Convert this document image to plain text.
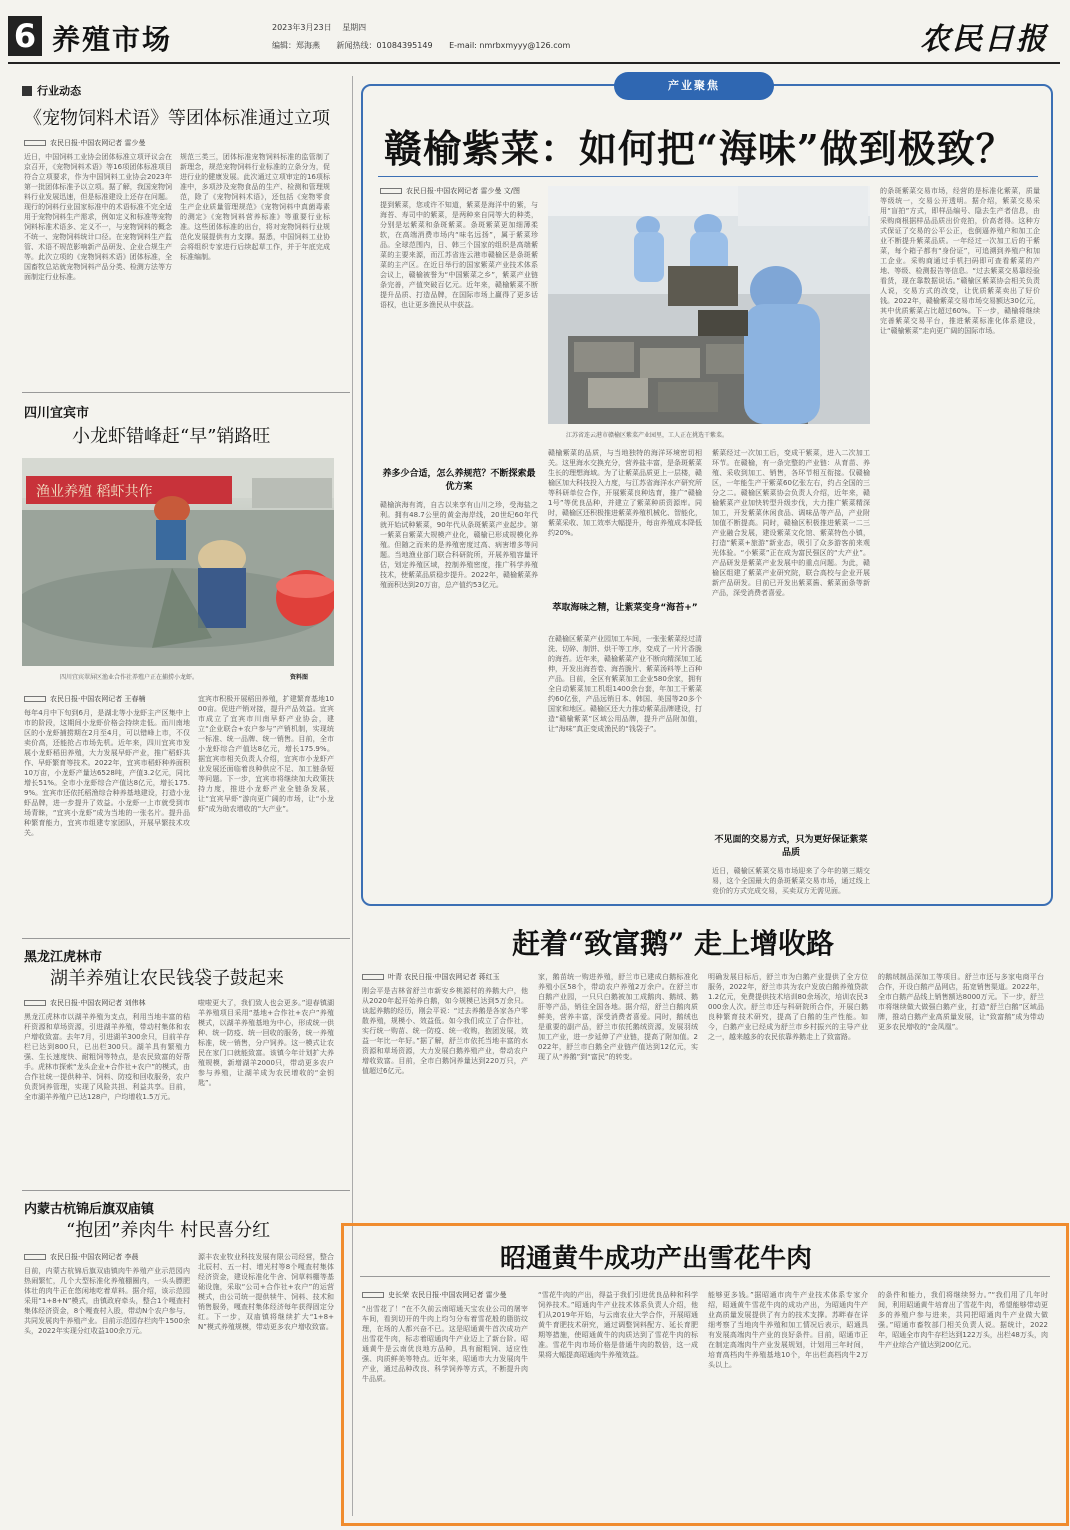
6 养殖市场	2023年3月23日 星期四
编辑：郑海燕 新闻热线：01084395149 E-mail: nmrbxmyyy@126.com	农民日报
行业动态
《宠物饲料术语》等团体标准通过立项
农民日报·中国农网记者 雷少曼
近日，中国饲料工业协会团体标准立项评议会在京召开，《宠物饲料术语》等16项团体标准项目符合立项要求，作为中国饲料工业协会2023年第一批团体标准予以立项。据了解，我国宠物饲料行业发展迅速，但是标准建设上还存在问题。现行的饲料行业国家标准中的术语标准不完全适用于宠物饲料生产需求，例如定义和标准等宠物饲料标准术语多、定义不一，与宠物饲料的概念不统一、宠物饲料统计口径。在宠物饲料生产监管、术语不规范影响新产品研发、企业合规生产等。此次立项的《宠物饲料术语》团体标准，全国畜牧总站就宠物饲料产品分类、检测方法等方面制定行业标准。
规范三类三，团体标准宠物饲料标准的监管制了新理念，规范宠物饲料行业标准的立条分为，促进行业的健康发展。此次通过立项审定的16项标准中，多项涉及宠物食品的生产、检测和管理规范，除了《宠物饲料术语》，还包括《宠物零食生产企业质量管理规范》《宠物饲料中真菌毒素的测定》《宠物饲料营养标准》等重要行业标准。这些团体标准的出台，将对宠物饲料行业规范化发展提供有力支撑。据悉，中国饲料工业协会将组织专家进行后续起草工作，并于年底完成标准编制。
四川宜宾市
小龙虾错峰赶“早”销路旺
渔业养殖 稻虾共作
四川宜宾翠屏区渔业合作社养殖户正在捕捞小龙虾。	资料图
农民日报·中国农网记者 王春楠
每年4月中下旬到6月，是湖北等小龙虾主产区集中上市的阶段，这期间小龙虾价格会持续走低。而川南地区的小龙虾捕捞期在2月至4月，可以错峰上市，不仅卖价高，还能抢占市场先机。近年来，四川宜宾市发展小龙虾稻田养殖，大力发展早虾产业，推广稻虾共作、早虾繁育等技术。2022年，宜宾市稻虾种养面积10万亩，小龙虾产量达6528吨，产值3.2亿元，同比增长51%。全市小龙虾综合产值达8亿元，增长175.9%。宜宾市还依托稻渔综合种养基地建设，打造小龙虾品牌，进一步提升了效益。小龙虾一上市就受到市场青睐，“宜宾小龙虾”成为当地的一张名片。提升品种繁育能力，宜宾市组建专家团队，开展早繁技术攻关。
宜宾市积极开展稻田养殖，扩建繁育基地1000亩。促进产销对接，提升产品效益。宜宾市成立了宜宾市川南早虾产业协会，建立“企业联合+农户参与”产销机制，实现统一标准、统一品牌、统一销售。目前，全市小龙虾综合产值达8亿元，增长175.9%。据宜宾市相关负责人介绍，宜宾市小龙虾产业发展还面临着良种供应不足、加工链条短等问题。下一步，宜宾市将继续加大政策扶持力度，推进小龙虾产业全链条发展，让“宜宾早虾”游向更广阔的市场，让“小龙虾”成为助农增收的“大产业”。
黑龙江虎林市
湖羊养殖让农民钱袋子鼓起来
农民日报·中国农网记者 刘伟林
黑龙江虎林市以湖羊养殖为支点，利用当地丰富的秸秆资源和草场资源，引进湖羊养殖，带动村集体和农户增收致富。去年7月，引进湖羊300余只，目前羊存栏已达到800只，已出栏300只。湖羊具有繁殖力强、生长速度快、耐粗饲等特点，是农民致富的好帮手。虎林市探索“龙头企业+合作社+农户”的模式，由合作社统一提供种羊、饲料、防疫和回收服务，农户负责饲养管理，实现了风险共担、利益共享。目前，全市湖羊养殖户已达128户，户均增收1.5万元。
啦啦更大了，我们致人也会更多。”迎春镇湖羊养殖项目采用“基地+合作社+农户”养殖模式，以湖羊养殖基地为中心，形成统一供种、统一防疫、统一回收的服务，统一养殖标准，统一销售，分户饲养。这一模式让农民在家门口就能致富。该镇今年计划扩大养殖规模，新增湖羊2000只，带动更多农户参与养殖，让湖羊成为农民增收的“金钥匙”。
内蒙古杭锦后旗双庙镇
“抱团”养肉牛 村民喜分红
农民日报·中国农网记者 李晨
目前，内蒙古杭锦后旗双庙镇肉牛养殖产业示范园内热闹繁忙，几个大型标准化养殖棚圈内，一头头膘肥体壮的肉牛正在悠闲地吃着草料。据介绍，该示范园采用“1+8+N”模式，由镇政府牵头，整合1个嘎查村集体经济资金，8个嘎查村入股，带动N个农户参与，共同发展肉牛养殖产业。目前示范园存栏肉牛1500余头，2022年实现分红收益100余万元。
源丰农业牧业科技发展有限公司经营，整合北辰村、五一村、增光村等8个嘎查村集体经济资金，建设标准化牛舍、饲草料棚等基础设施，采取“公司+合作社+农户”的运营模式，由公司统一提供犊牛、饲料、技术和销售服务，嘎查村集体经济每年获得固定分红。下一步，双庙镇将继续扩大“1+8+N”模式养殖规模，带动更多农户增收致富。
产业聚焦
赣榆紫菜：如何把“海味”做到极致？
农民日报·中国农网记者 雷少曼 文/图
提到紫菜，您或许不知道，紫菜是海洋中的紫，与海苔、寿司中的紫菜，是两种来自同等大的种类，分别是坛紫菜和条斑紫菜。条斑紫菜更加细薄柔软，在高端消费市场内“味名远扬”，属于紫菜珍品。全球范围内，日、韩三个国家的组织是高端紫菜的主要来源，而江苏省连云港市赣榆区是条斑紫菜的主产区。在近日举行的国家紫菜产业技术体系会议上，赣榆被誉为“中国紫菜之乡”，紫菜产业链条完善，产值突破百亿元。近年来，赣榆紫菜不断提升品质、打造品牌，在国际市场上赢得了更多话语权，也让更多渔民从中获益。
养多少合适，怎么养规范？不断探索最优方案
赣榆滨海有湾，自古以来享有山川之珍，受海盐之利。拥有48.7公里的黄金海岸线，20世纪60年代就开始试种紫菜，90年代从条斑紫菜产业起步。第一紫菜自紫菜大规模产业化，赣榆已形成规模化养殖。但随之而来的是养殖密度过高、病害增多等问题。当地渔业部门联合科研院所，开展养殖容量评估，划定养殖区域，控制养殖密度，推广科学养殖技术，使紫菜品质稳步提升。2022年，赣榆紫菜养殖面积达到20万亩，总产值约53亿元。
江苏省连云港市赣榆区紫菜产业园里，工人正在挑选干紫菜。
赣榆紫菜的品质，与当地独特的海洋环境密切相关。这里海水交换充分，营养盐丰富，是条斑紫菜生长的理想海域。为了让紫菜品质更上一层楼，赣榆区加大科技投入力度，与江苏省海洋水产研究所等科研单位合作，开展紫菜良种选育，推广“赣榆1号”等优良品种，并建立了紫菜种质资源库。同时，赣榆区还积极推进紫菜养殖机械化、智能化，紫菜采收、加工效率大幅提升，每亩养殖成本降低约20%。
萃取海味之精，让紫菜变身“海苔+”
在赣榆区紫菜产业园加工车间，一张张紫菜经过清洗、切碎、制饼、烘干等工序，变成了一片片香脆的海苔。近年来，赣榆紫菜产业不断向精深加工延伸，开发出海苔卷、海苔脆片、紫菜汤料等上百种产品。目前，全区有紫菜加工企业580余家，拥有全自动紫菜加工机组1400余台套，年加工干紫菜约60亿张，产品远销日本、韩国、美国等20多个国家和地区。赣榆区还大力推动紫菜品牌建设，打造“赣榆紫菜”区域公用品牌，提升产品附加值，让“海味”真正变成渔民的“钱袋子”。
紫菜经过一次加工后，变成干紫菜，进入二次加工环节。在赣榆，有一条完整的产业链：从育苗、养殖、采收到加工、销售，各环节相互衔接。仅赣榆区，一年能生产干紫菜60亿张左右，约占全国的三分之二。赣榆区紫菜协会负责人介绍，近年来，赣榆紫菜产业加快转型升级步伐，大力推广紫菜精深加工，开发紫菜休闲食品、调味品等产品，产业附加值不断提高。同时，赣榆区积极推进紫菜一二三产业融合发展，建设紫菜文化馆、紫菜特色小镇，打造“紫菜+旅游”新业态，吸引了众多游客前来观光体验。“小紫菜”正在成为富民强区的“大产业”。产品研发是紫菜产业发展中的重点问题。为此，赣榆区组建了紫菜产业研究院，联合高校与企业开展新产品研发。目前已开发出紫菜酱、紫菜面条等新产品，深受消费者喜爱。
不见面的交易方式，只为更好保证紫菜品质
近日，赣榆区紫菜交易市场迎来了今年的第三期交易，这个全国最大的条斑紫菜交易市场，通过线上竞价的方式完成交易，买卖双方无需见面。
的条斑紫菜交易市场，经营的是标准化紫菜，质量等级统一，交易公开透明。据介绍，紫菜交易采用“盲拍”方式，即样品编号、隐去生产者信息，由采购商根据样品品质出价竞拍，价高者得。这种方式保证了交易的公平公正，也倒逼养殖户和加工企业不断提升紫菜品质。一年经过一次加工后的干紫菜，每个箱子都有“身份证”，可追溯到养殖户和加工企业。采购商通过手机扫码即可查看紫菜的产地、等级、检测报告等信息。“过去紫菜交易靠经验看货，现在靠数据说话。”赣榆区紫菜协会相关负责人说，交易方式的改变，让优质紫菜卖出了好价钱。2022年，赣榆紫菜交易市场交易额达30亿元，其中优质紫菜占比超过60%。下一步，赣榆将继续完善紫菜交易平台，推进紫菜标准化体系建设，让“赣榆紫菜”走向更广阔的国际市场。
赶着“致富鹅” 走上增收路
叶青 农民日报·中国农网记者 蒋红玉
刚会平是吉林省舒兰市新安乡桃源村的养鹅大户，他从2020年起开始养白鹅，如今规模已达到5万余只。谈起养鹅的经历，刚会平说：“过去养鹅是各家各户零散养殖，规模小、效益低。如今我们成立了合作社，实行统一购苗、统一防疫、统一收购，抱团发展，效益一年比一年好。”据了解，舒兰市依托当地丰富的水资源和草场资源，大力发展白鹅养殖产业，带动农户增收致富。目前，全市白鹅饲养量达到220万只，产值超过6亿元。
家，鹅苗统一购进养殖，舒兰市已建成白鹅标准化养殖小区58个，带动农户养殖2万余户。在舒兰市白鹅产业园，一只只白鹅被加工成鹅肉、鹅绒、鹅肝等产品，销往全国各地。据介绍，舒兰白鹅肉质鲜美，营养丰富，深受消费者喜爱。同时，鹅绒也是重要的副产品，舒兰市依托鹅绒资源，发展羽绒加工产业，进一步延伸了产业链，提高了附加值。2022年，舒兰市白鹅全产业链产值达到12亿元，实现了从“养鹅”到“富民”的转变。
明确发展目标后，舒兰市为白鹅产业提供了全方位服务，2022年，舒兰市共为农户发放白鹅养殖贷款1.2亿元，免费提供技术培训80余场次，培训农民3000余人次。舒兰市还与科研院所合作，开展白鹅良种繁育技术研究，提高了白鹅的生产性能。如今，白鹅产业已经成为舒兰市乡村振兴的主导产业之一，越来越多的农民依靠养鹅走上了致富路。
的鹅绒制品深加工等项目。舒兰市还与多家电商平台合作，开设白鹅产品网店，拓宽销售渠道。2022年，全市白鹅产品线上销售额达8000万元。下一步，舒兰市将继续做大做强白鹅产业，打造“舒兰白鹅”区域品牌，推动白鹅产业高质量发展，让“致富鹅”成为带动更多农民增收的“金凤凰”。
昭通黄牛成功产出雪花牛肉
史长荣 农民日报·中国农网记者 雷少曼
“出雪花了！”在不久前云南昭通天宝农业公司的屠宰车间，看到切开的牛肉上均匀分布着雪花般的脂肪纹理，在场的人都兴奋不已。这是昭通黄牛首次成功产出雪花牛肉，标志着昭通肉牛产业迈上了新台阶。昭通黄牛是云南优良地方品种，具有耐粗饲、适应性强、肉质鲜美等特点。近年来，昭通市大力发展肉牛产业，通过品种改良、科学饲养等方式，不断提升肉牛品质。
“雪花牛肉的产出，得益于我们引进优良品种和科学饲养技术。”昭通肉牛产业技术体系负责人介绍，他们从2019年开始，与云南农业大学合作，开展昭通黄牛育肥技术研究，通过调整饲料配方、延长育肥期等措施，使昭通黄牛的肉质达到了雪花牛肉的标准。雪花牛肉市场价格是普通牛肉的数倍，这一成果将大幅提高昭通肉牛养殖效益。
能够更多钱。”据昭通市肉牛产业技术体系专家介绍，昭通黄牛雪花牛肉的成功产出，为昭通肉牛产业高质量发展提供了有力的技术支撑。苏畔春在详细考察了当地肉牛养殖和加工情况后表示，昭通具有发展高端肉牛产业的良好条件。目前，昭通市正在制定高端肉牛产业发展规划，计划用三年时间，培育高档肉牛养殖基地10个，年出栏高档肉牛2万头以上。
的条件和能力，我们将继续努力。”“我们用了几年时间，利用昭通黄牛培育出了雪花牛肉，希望能够带动更多的养殖户参与进来，共同把昭通肉牛产业做大做强。”昭通市畜牧部门相关负责人说。据统计，2022年，昭通全市肉牛存栏达到122万头，出栏48万头，肉牛产业综合产值达到200亿元。
